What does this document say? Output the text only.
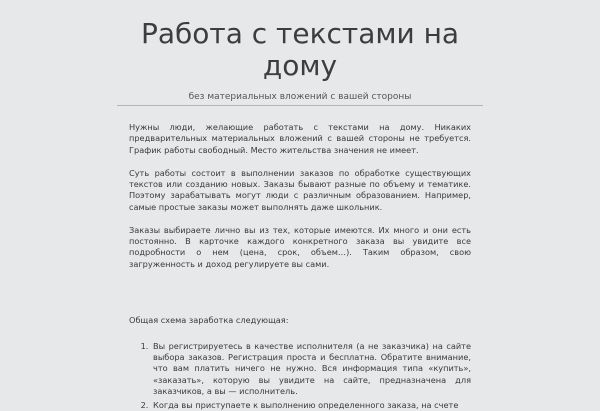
Работа с текстами на дому
без материальных вложений с вашей стороны

Нужны люди, желающие работать с текстами на дому. Никаких предварительных материальных вложений с вашей стороны не требуется. График работы свободный. Место жительства значения не имеет.

Суть работы состоит в выполнении заказов по обработке существующих текстов или созданию новых. Заказы бывают разные по объему и тематике. Поэтому зарабатывать могут люди с различным образованием. Например, самые простые заказы может выполнять даже школьник.

Заказы выбираете лично вы из тех, которые имеются. Их много и они есть постоянно. В карточке каждого конкретного заказа вы увидите все подробности о нем (цена, срок, объем…). Таким образом, свою загруженность и доход регулируете вы сами.

Общая схема заработка следующая:

1. Вы регистрируетесь в качестве исполнителя (а не заказчика) на сайте выбора заказов. Регистрация проста и бесплатна. Обратите внимание, что вам платить ничего не нужно. Вся информация типа «купить», «заказать», которую вы увидите на сайте, предназначена для заказчиков, а вы — исполнитель.
2. Когда вы приступаете к выполнению определенного заказа, на счете
